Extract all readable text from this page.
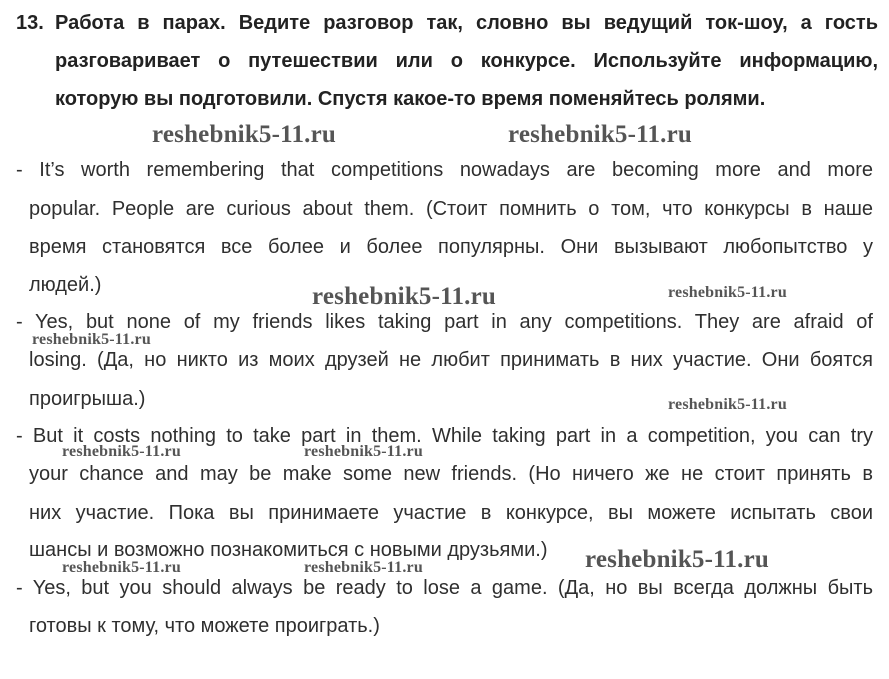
13. Работа в парах. Ведите разговор так, словно вы ведущий ток-шоу, а гость разговаривает о путешествии или о конкурсе. Используйте информацию, которую вы подготовили. Спустя какое-то время поменяйтесь ролями.
- It’s worth remembering that competitions nowadays are becoming more and more
popular. People are curious about them. (Стоит помнить о том, что конкурсы в наше
время становятся все более и более популярны. Они вызывают любопытство у
людей.)
- Yes, but none of my friends likes taking part in any competitions. They are afraid of
losing. (Да, но никто из моих друзей не любит принимать в них участие. Они боятся
проигрыша.)
- But it costs nothing to take part in them. While taking part in a competition, you can try
your chance and may be make some new friends. (Но ничего же не стоит принять в
них участие. Пока вы принимаете участие в конкурсе, вы можете испытать свои
шансы и возможно познакомиться с новыми друзьями.)
- Yes, but you should always be ready to lose a game. (Да, но вы всегда должны быть
готовы к тому, что можете проиграть.)
reshebnik5-11.ru	reshebnik5-11.ru
reshebnik5-11.ru	reshebnik5-11.ru
reshebnik5-11.ru
reshebnik5-11.ru
reshebnik5-11.ru	reshebnik5-11.ru
reshebnik5-11.ru
reshebnik5-11.ru	reshebnik5-11.ru
